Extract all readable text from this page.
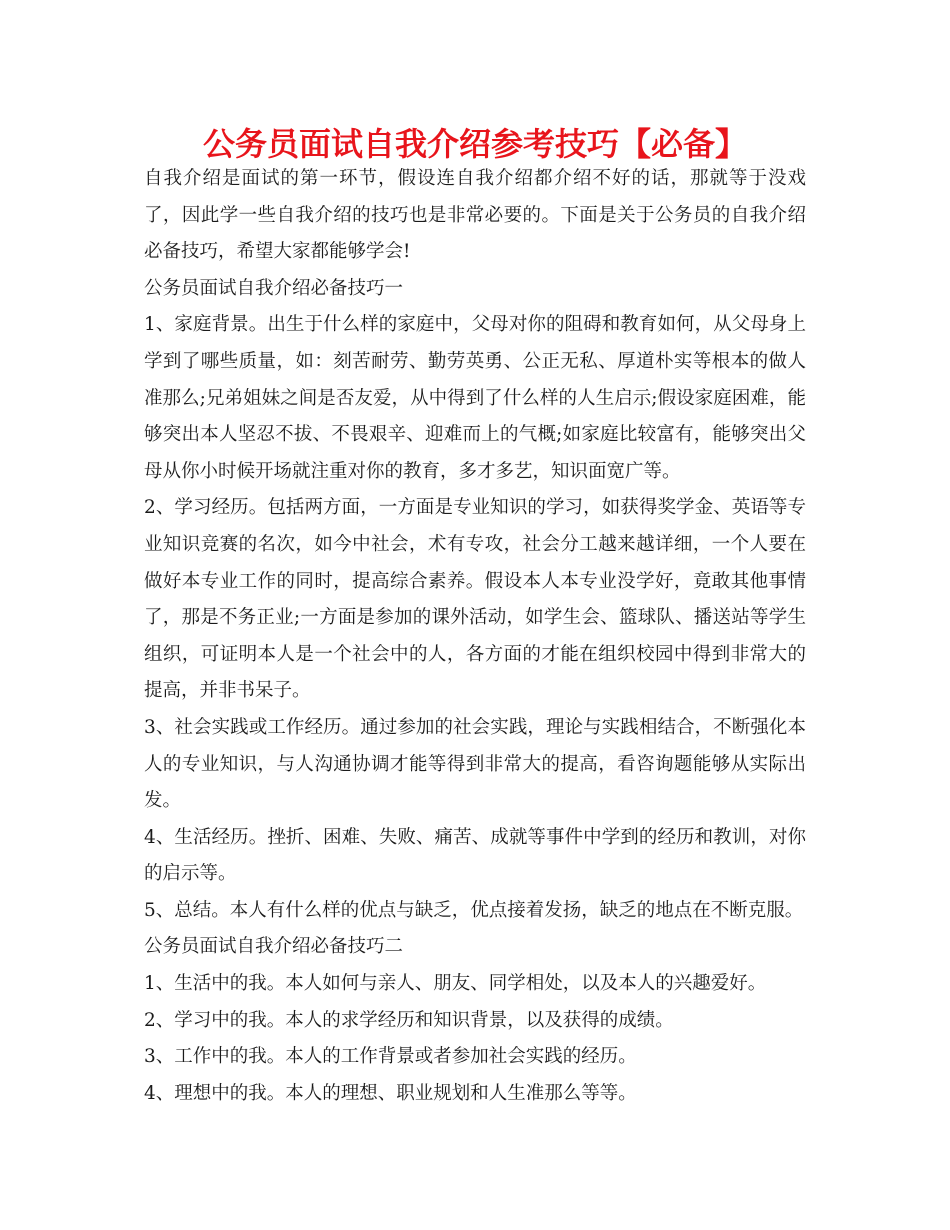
公务员面试自我介绍参考技巧【必备】

自我介绍是面试的第一环节，假设连自我介绍都介绍不好的话，那就等于没戏了，因此学一些自我介绍的技巧也是非常必要的。下面是关于公务员的自我介绍必备技巧，希望大家都能够学会!

公务员面试自我介绍必备技巧一

1、家庭背景。出生于什么样的家庭中，父母对你的阻碍和教育如何，从父母身上学到了哪些质量，如：刻苦耐劳、勤劳英勇、公正无私、厚道朴实等根本的做人准那么;兄弟姐妹之间是否友爱，从中得到了什么样的人生启示;假设家庭困难，能够突出本人坚忍不拔、不畏艰辛、迎难而上的气概;如家庭比较富有，能够突出父母从你小时候开场就注重对你的教育，多才多艺，知识面宽广等。

2、学习经历。包括两方面，一方面是专业知识的学习，如获得奖学金、英语等专业知识竞赛的名次，如今中社会，术有专攻，社会分工越来越详细，一个人要在做好本专业工作的同时，提高综合素养。假设本人本专业没学好，竟敢其他事情了，那是不务正业;一方面是参加的课外活动，如学生会、篮球队、播送站等学生组织，可证明本人是一个社会中的人，各方面的才能在组织校园中得到非常大的提高，并非书呆子。

3、社会实践或工作经历。通过参加的社会实践，理论与实践相结合，不断强化本人的专业知识，与人沟通协调才能等得到非常大的提高，看咨询题能够从实际出发。

4、生活经历。挫折、困难、失败、痛苦、成就等事件中学到的经历和教训，对你的启示等。

5、总结。本人有什么样的优点与缺乏，优点接着发扬，缺乏的地点在不断克服。

公务员面试自我介绍必备技巧二

1、生活中的我。本人如何与亲人、朋友、同学相处，以及本人的兴趣爱好。

2、学习中的我。本人的求学经历和知识背景，以及获得的成绩。

3、工作中的我。本人的工作背景或者参加社会实践的经历。

4、理想中的我。本人的理想、职业规划和人生准那么等等。
